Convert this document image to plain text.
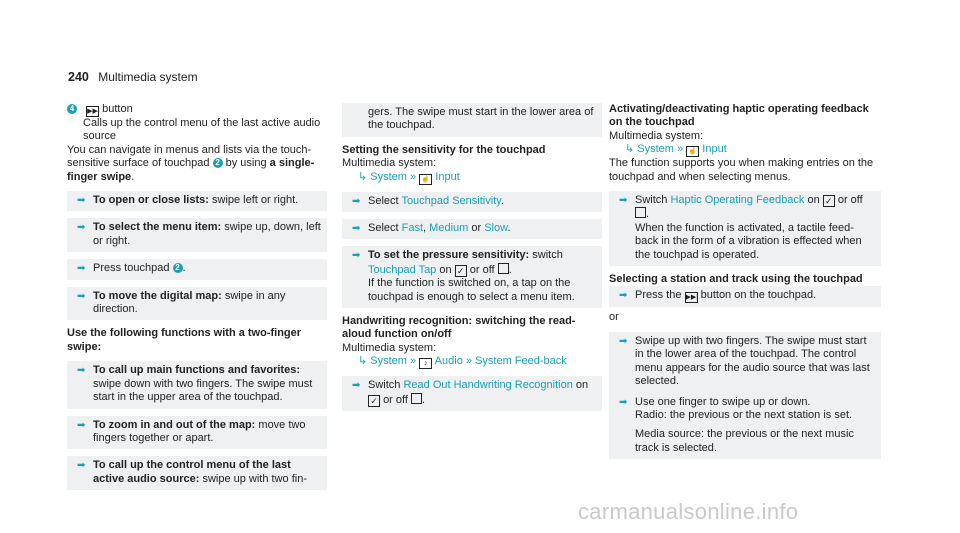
240 Multimedia system

4 ▶▶| button

Calls up the control menu of the last active audio source

You can navigate in menus and lists via the touch-sensitive surface of touchpad 2 by using a single-finger swipe.

➡ To open or close lists: swipe left or right.
➡ To select the menu item: swipe up, down, left or right.
➡ Press touchpad 2 .
➡ To move the digital map: swipe in any direction.

Use the following functions with a two-finger swipe:

➡ To call up main functions and favorites: swipe down with two fingers. The swipe must start in the upper area of the touchpad.
➡ To zoom in and out of the map: move two fingers together or apart.
➡ To call up the control menu of the last active audio source: swipe up with two fin-
gers. The swipe must start in the lower area of the touchpad.

Setting the sensitivity for the touchpad

Multimedia system:

↳ System » ☝ Input

➡ Select Touchpad Sensitivity.
➡ Select Fast, Medium or Slow.
➡ To set the pressure sensitivity: switch Touchpad Tap on ✓ or off .
If the function is switched on, a tap on the touchpad is enough to select a menu item.

Handwriting recognition: switching the read-aloud function on/off

Multimedia system:

↳ System » ♪ Audio » System Feed-back

➡ Switch Read Out Handwriting Recognition on
✓ or off .

Activating/deactivating haptic operating feedback on the touchpad

Multimedia system:

↳ System » ☝ Input

The function supports you when making entries on the touchpad and when selecting menus.

➡ Switch Haptic Operating Feedback on ✓ or off .
When the function is activated, a tactile feed-back in the form of a vibration is effected when the touchpad is operated.

Selecting a station and track using the touchpad

➡ Press the ▶▶| button on the touchpad.

or

➡ Swipe up with two fingers. The swipe must start in the lower area of the touchpad. The control menu appears for the audio source that was last selected.
➡ Use one finger to swipe up or down.
Radio: the previous or the next station is set.

Media source: the previous or the next music track is selected.

carmanualsonline.info
